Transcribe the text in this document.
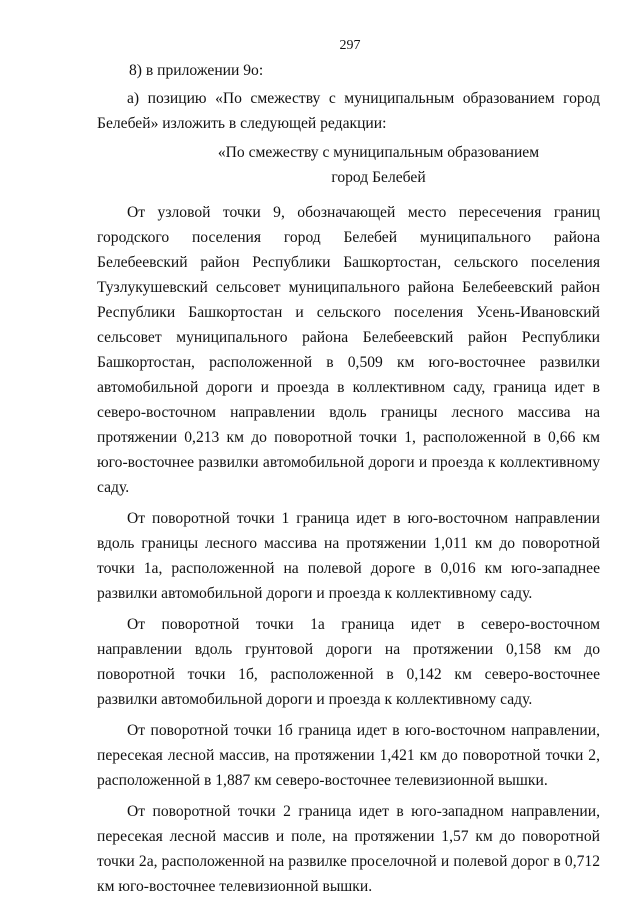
297

8) в приложении 9о:

а) позицию «По смежеству с муниципальным образованием город Белебей» изложить в следующей редакции:

«По смежеству с муниципальным образованием
город Белебей

От узловой точки 9, обозначающей место пересечения границ городского поселения город Белебей муниципального района Белебеевский район Республики Башкортостан, сельского поселения Тузлукушевский сельсовет муниципального района Белебеевский район Республики Башкортостан и сельского поселения Усень-Ивановский сельсовет муниципального района Белебеевский район Республики Башкортостан, расположенной в 0,509 км юго-восточнее развилки автомобильной дороги и проезда в коллективном саду, граница идет в северо-восточном направлении вдоль границы лесного массива на протяжении 0,213 км до поворотной точки 1, расположенной в 0,66 км юго-восточнее развилки автомобильной дороги и проезда к коллективному саду.

От поворотной точки 1 граница идет в юго-восточном направлении вдоль границы лесного массива на протяжении 1,011 км до поворотной точки 1а, расположенной на полевой дороге в 0,016 км юго-западнее развилки автомобильной дороги и проезда к коллективному саду.

От поворотной точки 1а граница идет в северо-восточном направлении вдоль грунтовой дороги на протяжении 0,158 км до поворотной точки 1б, расположенной в 0,142 км северо-восточнее развилки автомобильной дороги и проезда к коллективному саду.

От поворотной точки 1б граница идет в юго-восточном направлении, пересекая лесной массив, на протяжении 1,421 км до поворотной точки 2, расположенной в 1,887 км северо-восточнее телевизионной вышки.

От поворотной точки 2 граница идет в юго-западном направлении, пересекая лесной массив и поле, на протяжении 1,57 км до поворотной точки 2а, расположенной на развилке проселочной и полевой дорог в 0,712 км юго-восточнее телевизионной вышки.
